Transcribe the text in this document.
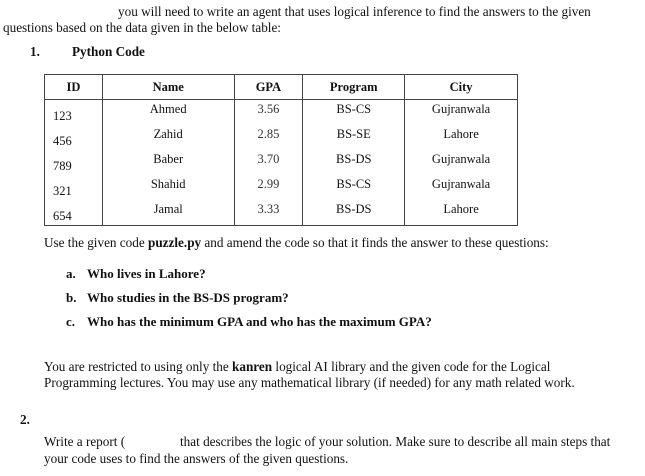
you will need to write an agent that uses logical inference to find the answers to the given
questions based on the data given in the below table:
1. Python Code
ID	Name	GPA	Program	City
123	Ahmed	3.56	BS-CS	Gujranwala
456	Zahid	2.85	BS-SE	Lahore
789	Baber	3.70	BS-DS	Gujranwala
321	Shahid	2.99	BS-CS	Gujranwala
654	Jamal	3.33	BS-DS	Lahore
Use the given code puzzle.py and amend the code so that it finds the answer to these questions:
a. Who lives in Lahore?
b. Who studies in the BS-DS program?
c. Who has the minimum GPA and who has the maximum GPA?
You are restricted to using only the kanren logical AI library and the given code for the Logical
Programming lectures. You may use any mathematical library (if needed) for any math related work.
2.
Write a report (	that describes the logic of your solution. Make sure to describe all main steps that
your code uses to find the answers of the given questions.
